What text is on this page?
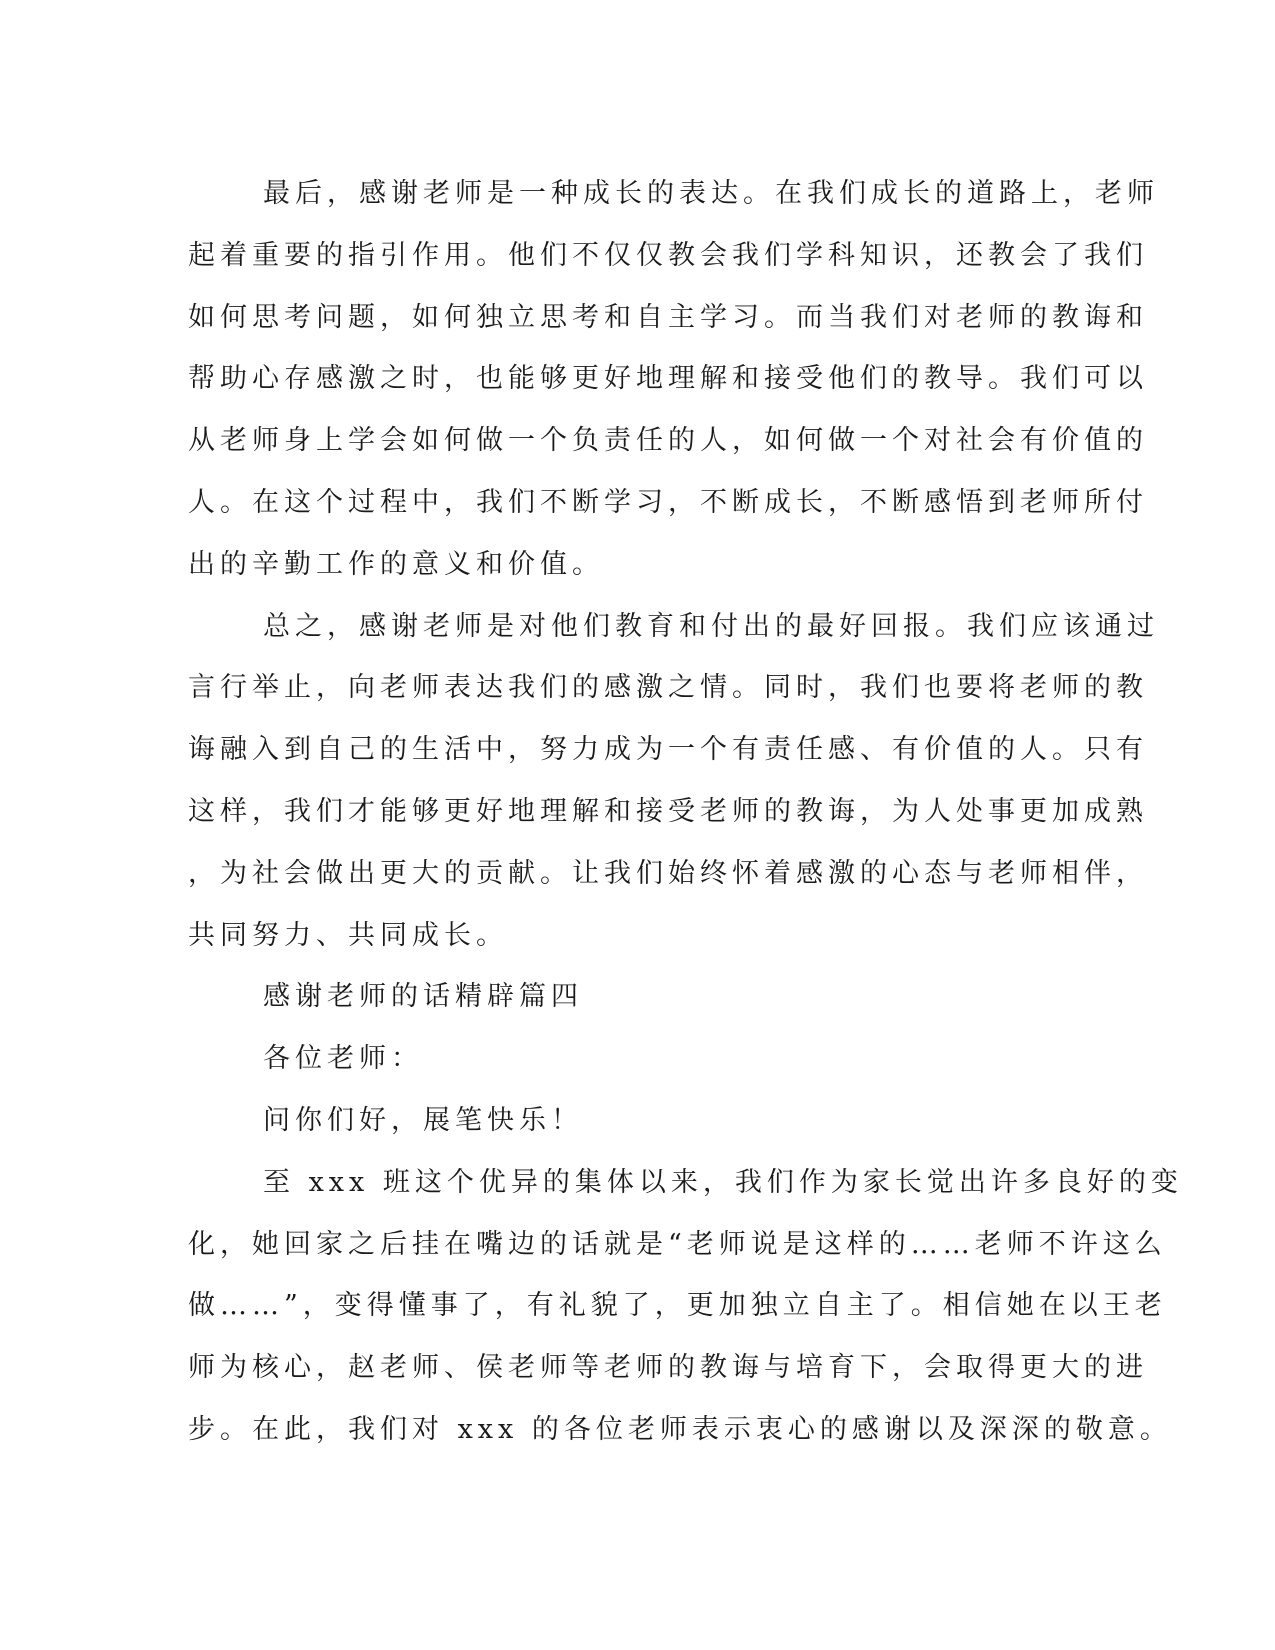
最后，感谢老师是一种成长的表达。在我们成长的道路上，老师
起着重要的指引作用。他们不仅仅教会我们学科知识，还教会了我们
如何思考问题，如何独立思考和自主学习。而当我们对老师的教诲和
帮助心存感激之时，也能够更好地理解和接受他们的教导。我们可以
从老师身上学会如何做一个负责任的人，如何做一个对社会有价值的
人。在这个过程中，我们不断学习，不断成长，不断感悟到老师所付
出的辛勤工作的意义和价值。
总之，感谢老师是对他们教育和付出的最好回报。我们应该通过
言行举止，向老师表达我们的感激之情。同时，我们也要将老师的教
诲融入到自己的生活中，努力成为一个有责任感、有价值的人。只有
这样，我们才能够更好地理解和接受老师的教诲，为人处事更加成熟
，为社会做出更大的贡献。让我们始终怀着感激的心态与老师相伴，
共同努力、共同成长。
感谢老师的话精辟篇四
各位老师：
问你们好，展笔快乐！
至 xxx 班这个优异的集体以来，我们作为家长觉出许多良好的变
化，她回家之后挂在嘴边的话就是“老师说是这样的……老师不许这么
做……”，变得懂事了，有礼貌了，更加独立自主了。相信她在以王老
师为核心，赵老师、侯老师等老师的教诲与培育下，会取得更大的进
步。在此，我们对 xxx 的各位老师表示衷心的感谢以及深深的敬意。
